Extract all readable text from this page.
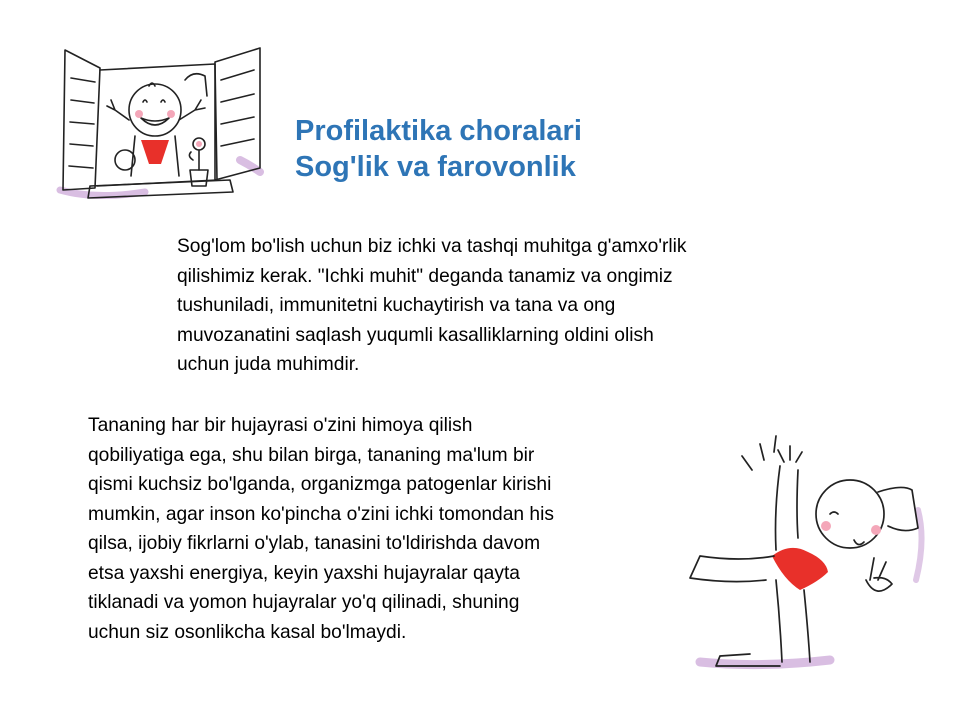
Profilaktika choralari
Sog'lik va farovonlik

Sog'lom bo'lish uchun biz ichki va tashqi muhitga g'amxo'rlik
qilishimiz kerak. "Ichki muhit" deganda tanamiz va ongimiz
tushuniladi, immunitetni kuchaytirish va tana va ong
muvozanatini saqlash yuqumli kasalliklarning oldini olish
uchun juda muhimdir.

Tananing har bir hujayrasi o'zini himoya qilish
qobiliyatiga ega, shu bilan birga, tananing ma'lum bir
qismi kuchsiz bo'lganda, organizmga patogenlar kirishi
mumkin, agar inson ko'pincha o'zini ichki tomondan his
qilsa, ijobiy fikrlarni o'ylab, tanasini to'ldirishda davom
etsa yaxshi energiya, keyin yaxshi hujayralar qayta
tiklanadi va yomon hujayralar yo'q qilinadi, shuning
uchun siz osonlikcha kasal bo'lmaydi.
